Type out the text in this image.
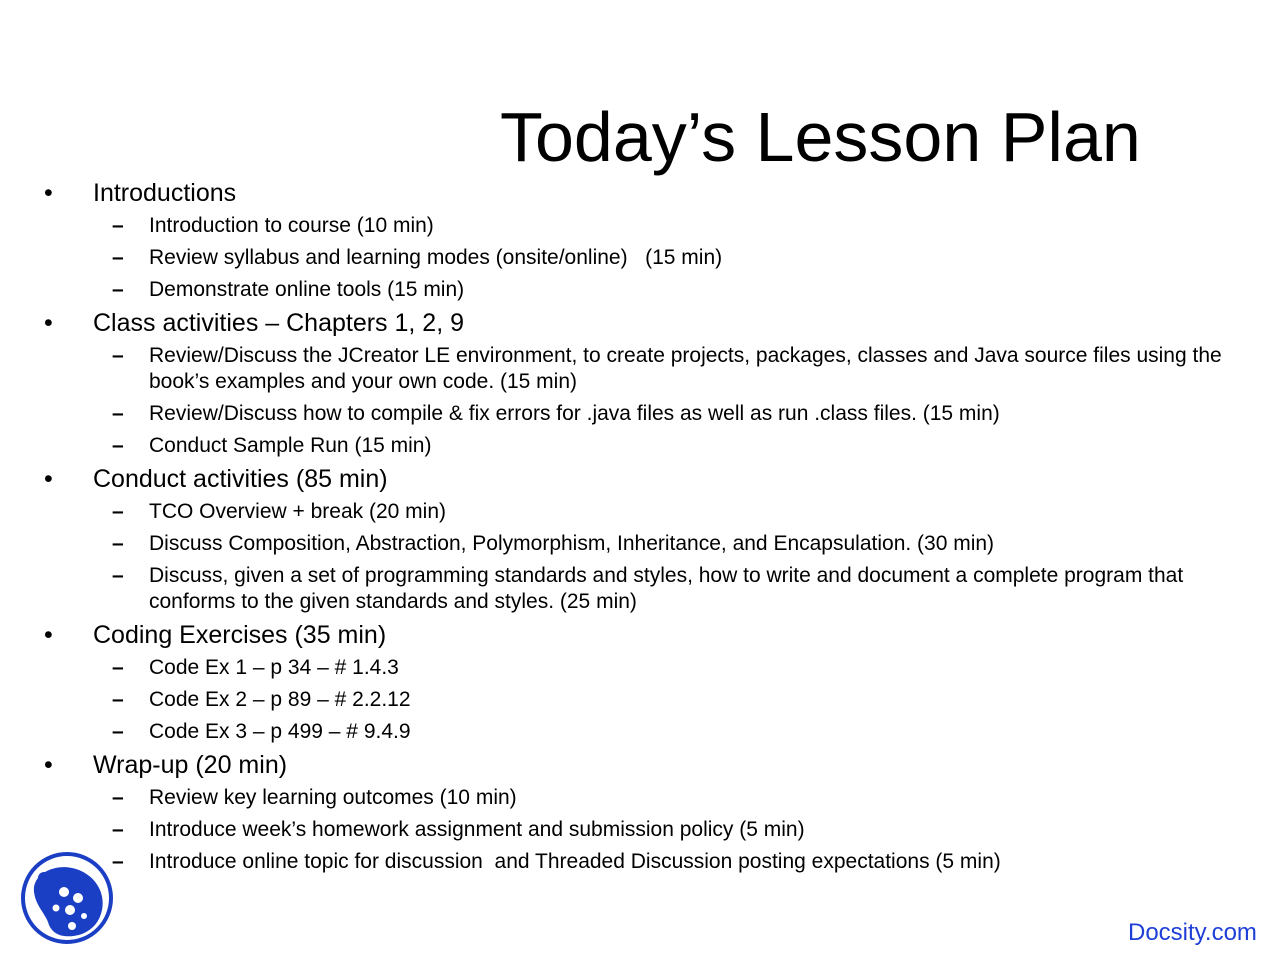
Today’s Lesson Plan
• Introductions
– Introduction to course (10 min)
– Review syllabus and learning modes (onsite/online)   (15 min)
– Demonstrate online tools (15 min)
• Class activities – Chapters 1, 2, 9
– Review/Discuss the JCreator LE environment, to create projects, packages, classes and Java source files using the book’s examples and your own code. (15 min)
– Review/Discuss how to compile & fix errors for .java files as well as run .class files. (15 min)
– Conduct Sample Run (15 min)
• Conduct activities (85 min)
– TCO Overview + break (20 min)
– Discuss Composition, Abstraction, Polymorphism, Inheritance, and Encapsulation. (30 min)
– Discuss, given a set of programming standards and styles, how to write and document a complete program that conforms to the given standards and styles. (25 min)
• Coding Exercises (35 min)
– Code Ex 1 – p 34 – # 1.4.3
– Code Ex 2 – p 89 – # 2.2.12
– Code Ex 3 – p 499 – # 9.4.9
• Wrap-up (20 min)
– Review key learning outcomes (10 min)
– Introduce week’s homework assignment and submission policy (5 min)
– Introduce online topic for discussion  and Threaded Discussion posting expectations (5 min)
Docsity.com
